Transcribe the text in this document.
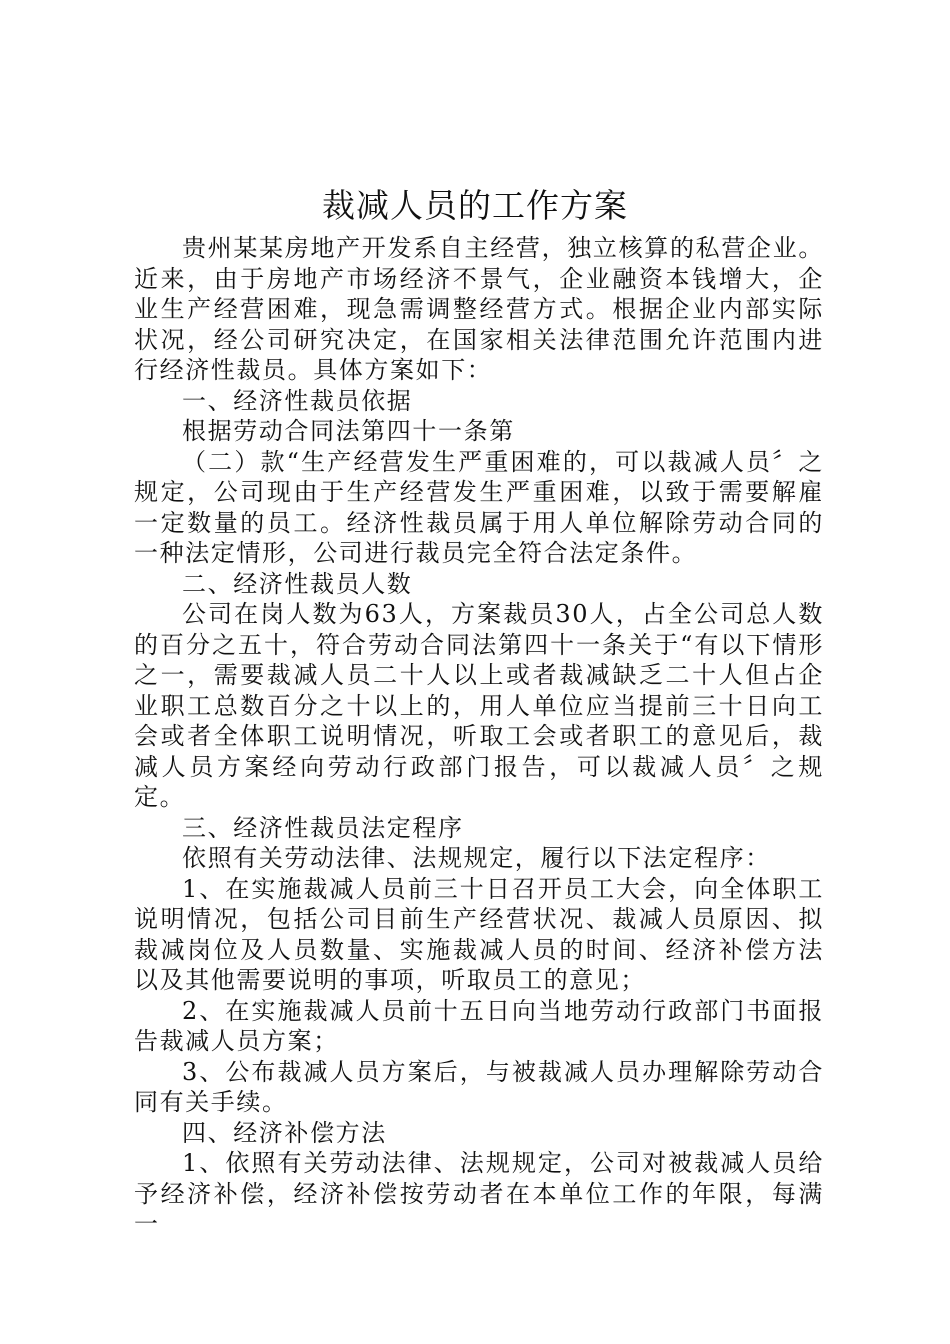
裁减人员的工作方案

贵州某某房地产开发系自主经营，独立核算的私营企业。近来，由于房地产市场经济不景气，企业融资本钱增大，企业生产经营困难，现急需调整经营方式。根据企业内部实际状况，经公司研究决定，在国家相关法律范围允许范围内进行经济性裁员。具体方案如下：

一、经济性裁员依据

根据劳动合同法第四十一条第

（二）款“生产经营发生严重困难的，可以裁减人员〞之规定，公司现由于生产经营发生严重困难，以致于需要解雇一定数量的员工。经济性裁员属于用人单位解除劳动合同的一种法定情形，公司进行裁员完全符合法定条件。

二、经济性裁员人数

公司在岗人数为63人，方案裁员30人，占全公司总人数的百分之五十，符合劳动合同法第四十一条关于“有以下情形之一，需要裁减人员二十人以上或者裁减缺乏二十人但占企业职工总数百分之十以上的，用人单位应当提前三十日向工会或者全体职工说明情况，听取工会或者职工的意见后，裁减人员方案经向劳动行政部门报告，可以裁减人员〞之规定。

三、经济性裁员法定程序

依照有关劳动法律、法规规定，履行以下法定程序：

1、在实施裁减人员前三十日召开员工大会，向全体职工说明情况，包括公司目前生产经营状况、裁减人员原因、拟裁减岗位及人员数量、实施裁减人员的时间、经济补偿方法以及其他需要说明的事项，听取员工的意见；

2、在实施裁减人员前十五日向当地劳动行政部门书面报告裁减人员方案；

3、公布裁减人员方案后，与被裁减人员办理解除劳动合同有关手续。

四、经济补偿方法

1、依照有关劳动法律、法规规定，公司对被裁减人员给予经济补偿，经济补偿按劳动者在本单位工作的年限，每满一
